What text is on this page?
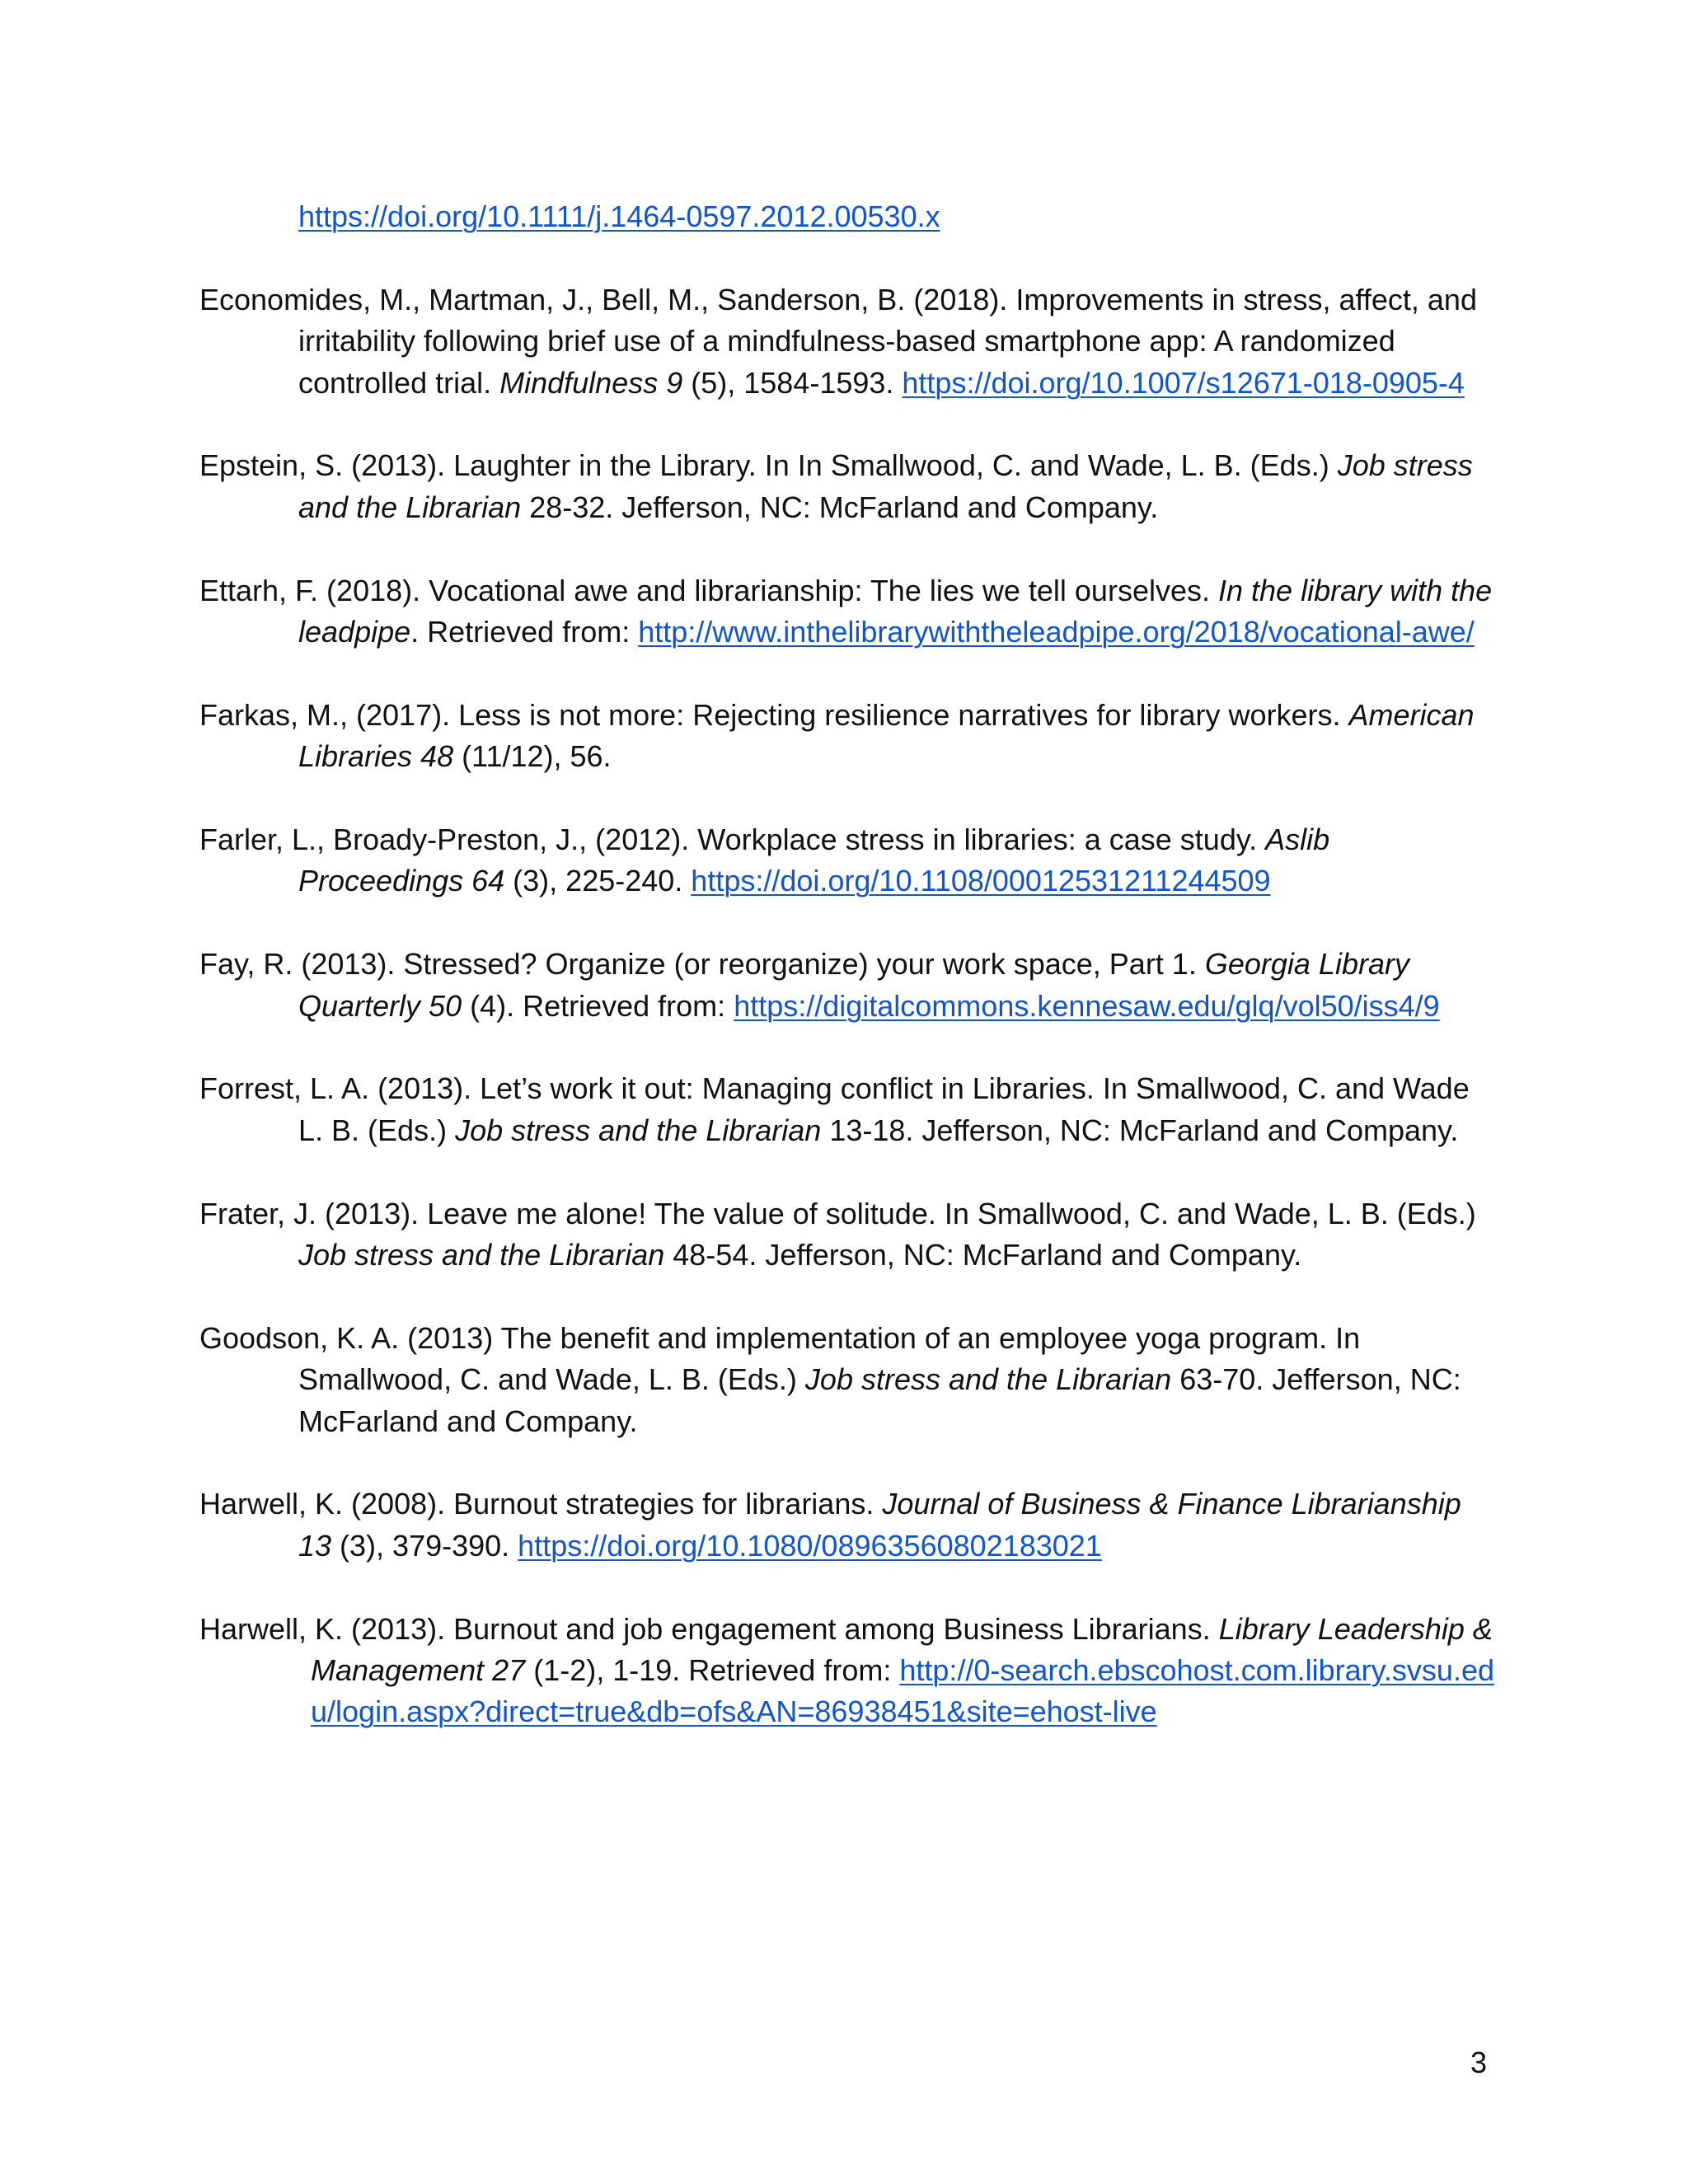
https://doi.org/10.1111/j.1464-0597.2012.00530.x

Economides, M., Martman, J., Bell, M., Sanderson, B. (2018). Improvements in stress, affect, and irritability following brief use of a mindfulness-based smartphone app: A randomized controlled trial. Mindfulness 9 (5), 1584-1593. https://doi.org/10.1007/s12671-018-0905-4

Epstein, S. (2013). Laughter in the Library. In In Smallwood, C. and Wade, L. B. (Eds.) Job stress and the Librarian 28-32. Jefferson, NC: McFarland and Company.

Ettarh, F. (2018). Vocational awe and librarianship: The lies we tell ourselves. In the library with the leadpipe. Retrieved from: http://www.inthelibrarywiththeleadpipe.org/2018/vocational-awe/

Farkas, M., (2017). Less is not more: Rejecting resilience narratives for library workers. American Libraries 48 (11/12), 56.

Farler, L., Broady-Preston, J., (2012). Workplace stress in libraries: a case study. Aslib Proceedings 64 (3), 225-240. https://doi.org/10.1108/00012531211244509

Fay, R. (2013). Stressed? Organize (or reorganize) your work space, Part 1. Georgia Library Quarterly 50 (4). Retrieved from: https://digitalcommons.kennesaw.edu/glq/vol50/iss4/9

Forrest, L. A. (2013). Let’s work it out: Managing conflict in Libraries. In Smallwood, C. and Wade L. B. (Eds.) Job stress and the Librarian 13-18. Jefferson, NC: McFarland and Company.

Frater, J. (2013). Leave me alone! The value of solitude. In Smallwood, C. and Wade, L. B. (Eds.) Job stress and the Librarian 48-54. Jefferson, NC: McFarland and Company.

Goodson, K. A. (2013) The benefit and implementation of an employee yoga program. In Smallwood, C. and Wade, L. B. (Eds.) Job stress and the Librarian 63-70. Jefferson, NC: McFarland and Company.

Harwell, K. (2008). Burnout strategies for librarians. Journal of Business & Finance Librarianship 13 (3), 379-390. https://doi.org/10.1080/08963560802183021

Harwell, K. (2013). Burnout and job engagement among Business Librarians. Library Leadership & Management 27 (1-2), 1-19. Retrieved from: http://0-search.ebscohost.com.library.svsu.edu/login.aspx?direct=true&db=ofs&AN=86938451&site=ehost-live

3
